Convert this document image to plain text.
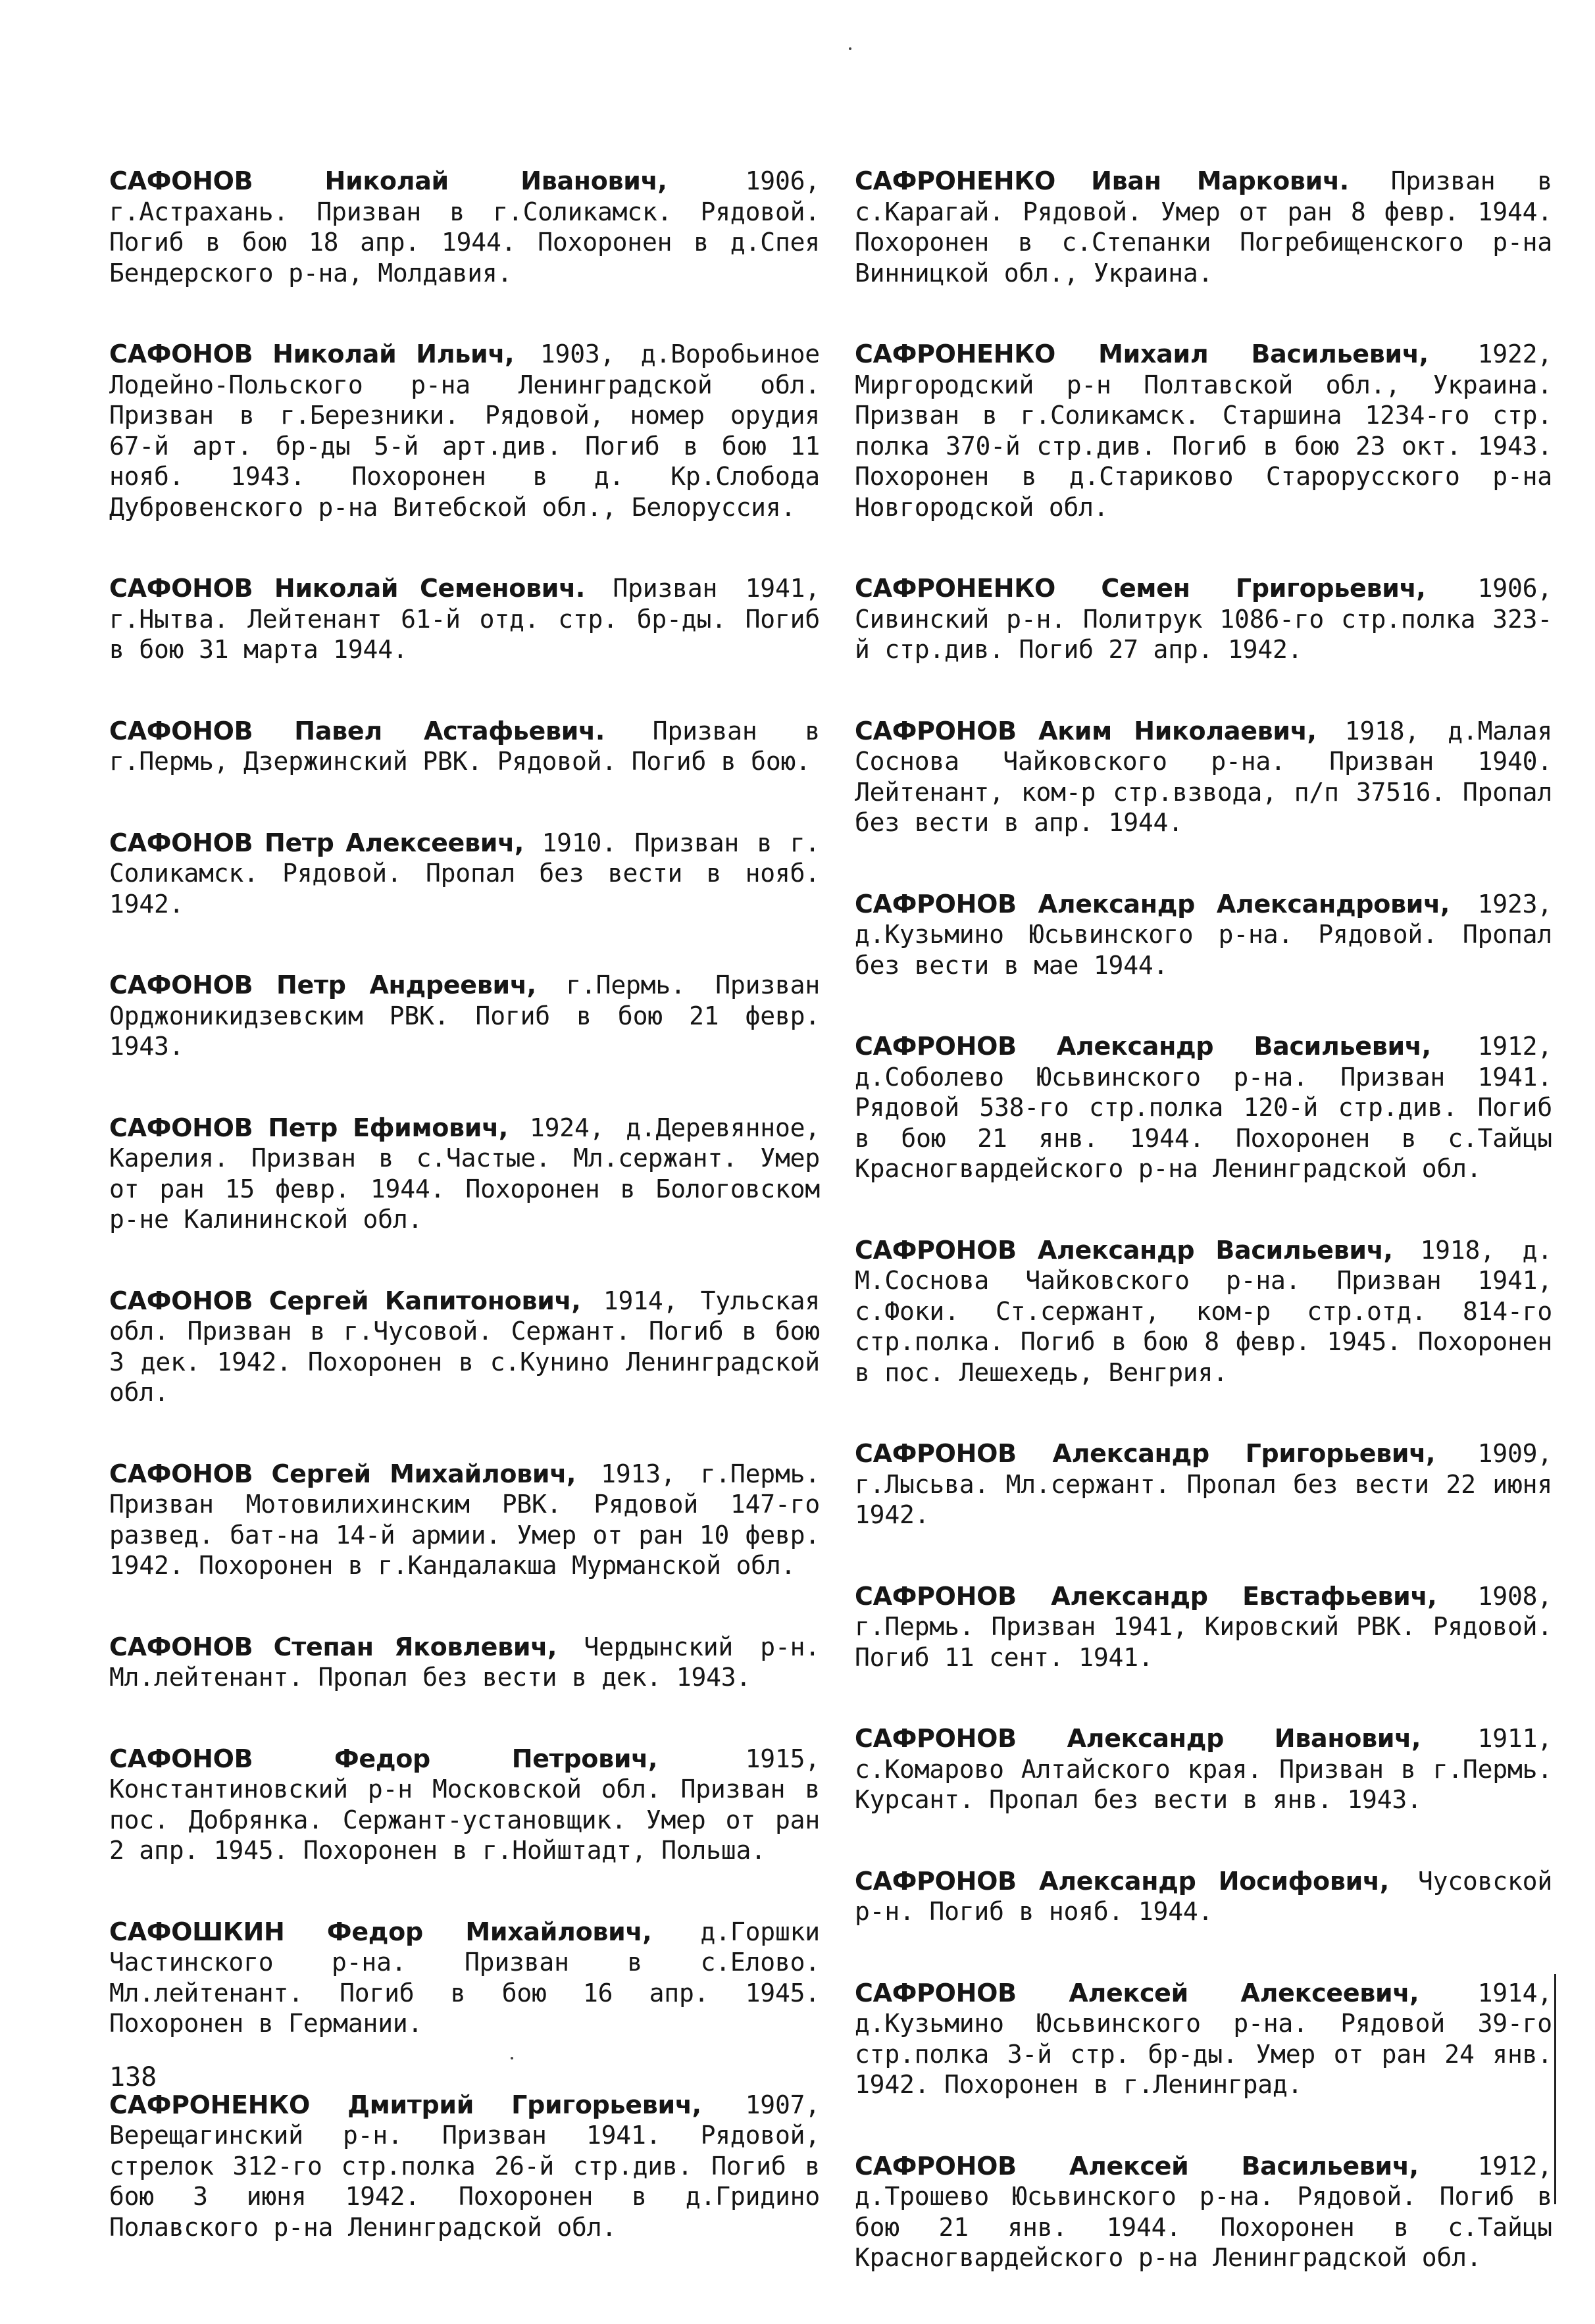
САФОНОВ Николай Иванович, 1906, г.Астрахань. Призван в г.Соликамск. Рядовой. Погиб в бою 18 апр. 1944. Похоронен в д.Спея Бендерского р-на, Молдавия.

САФОНОВ Николай Ильич, 1903, д.Воробьиное Лодейно-Польского р-на Ленинградской обл. Призван в г.Березники. Рядовой, номер орудия 67-й арт. бр-ды 5-й арт.див. Погиб в бою 11 нояб. 1943. Похоронен в д. Кр.Слобода Дубровенского р-на Витебской обл., Белоруссия.

САФОНОВ Николай Семенович. Призван 1941, г.Нытва. Лейтенант 61-й отд. стр. бр-ды. Погиб в бою 31 марта 1944.

САФОНОВ Павел Астафьевич. Призван в г.Пермь, Дзержинский РВК. Рядовой. Погиб в бою.

САФОНОВ Петр Алексеевич, 1910. Призван в г. Соликамск. Рядовой. Пропал без вести в нояб. 1942.

САФОНОВ Петр Андреевич, г.Пермь. Призван Орджоникидзевским РВК. Погиб в бою 21 февр. 1943.

САФОНОВ Петр Ефимович, 1924, д.Деревянное, Карелия. Призван в с.Частые. Мл.сержант. Умер от ран 15 февр. 1944. Похоронен в Бологовском р-не Калининской обл.

САФОНОВ Сергей Капитонович, 1914, Тульская обл. Призван в г.Чусовой. Сержант. Погиб в бою 3 дек. 1942. Похоронен в с.Кунино Ленинградской обл.

САФОНОВ Сергей Михайлович, 1913, г.Пермь. Призван Мотовилихинским РВК. Рядовой 147-го развед. бат-на 14-й армии. Умер от ран 10 февр. 1942. Похоронен в г.Кандалакша Мурманской обл.

САФОНОВ Степан Яковлевич, Чердынский р-н. Мл.лейтенант. Пропал без вести в дек. 1943.

САФОНОВ Федор Петрович, 1915, Константиновский р-н Московской обл. Призван в пос. Добрянка. Сержант-установщик. Умер от ран 2 апр. 1945. Похоронен в г.Нойштадт, Польша.

САФОШКИН Федор Михайлович, д.Горшки Частинского р-на. Призван в с.Елово. Мл.лейтенант. Погиб в бою 16 апр. 1945. Похоронен в Германии.

САФРОНЕНКО Дмитрий Григорьевич, 1907, Верещагинский р-н. Призван 1941. Рядовой, стрелок 312-го стр.полка 26-й стр.див. Погиб в бою 3 июня 1942. Похоронен в д.Гридино Полавского р-на Ленинградской обл.

САФРОНЕНКО Иван Маркович. Призван в с.Карагай. Рядовой. Умер от ран 8 февр. 1944. Похоронен в с.Степанки Погребищенского р-на Винницкой обл., Украина.

САФРОНЕНКО Михаил Васильевич, 1922, Миргородский р-н Полтавской обл., Украина. Призван в г.Соликамск. Старшина 1234-го стр. полка 370-й стр.див. Погиб в бою 23 окт. 1943. Похоронен в д.Стариково Старорусского р-на Новгородской обл.

САФРОНЕНКО Семен Григорьевич, 1906, Сивинский р-н. Политрук 1086-го стр.полка 323-й стр.див. Погиб 27 апр. 1942.

САФРОНОВ Аким Николаевич, 1918, д.Малая Соснова Чайковского р-на. Призван 1940. Лейтенант, ком-р стр.взвода, п/п 37516. Пропал без вести в апр. 1944.

САФРОНОВ Александр Александрович, 1923, д.Кузьмино Юсьвинского р-на. Рядовой. Пропал без вести в мае 1944.

САФРОНОВ Александр Васильевич, 1912, д.Соболево Юсьвинского р-на. Призван 1941. Рядовой 538-го стр.полка 120-й стр.див. Погиб в бою 21 янв. 1944. Похоронен в с.Тайцы Красногвардейского р-на Ленинградской обл.

САФРОНОВ Александр Васильевич, 1918, д. М.Соснова Чайковского р-на. Призван 1941, с.Фоки. Ст.сержант, ком-р стр.отд. 814-го стр.полка. Погиб в бою 8 февр. 1945. Похоронен в пос. Лешехедь, Венгрия.

САФРОНОВ Александр Григорьевич, 1909, г.Лысьва. Мл.сержант. Пропал без вести 22 июня 1942.

САФРОНОВ Александр Евстафьевич, 1908, г.Пермь. Призван 1941, Кировский РВК. Рядовой. Погиб 11 сент. 1941.

САФРОНОВ Александр Иванович, 1911, с.Комарово Алтайского края. Призван в г.Пермь. Курсант. Пропал без вести в янв. 1943.

САФРОНОВ Александр Иосифович, Чусовской р-н. Погиб в нояб. 1944.

САФРОНОВ Алексей Алексеевич, 1914, д.Кузьмино Юсьвинского р-на. Рядовой 39-го стр.полка 3-й стр. бр-ды. Умер от ран 24 янв. 1942. Похоронен в г.Ленинград.

САФРОНОВ Алексей Васильевич, 1912, д.Трошево Юсьвинского р-на. Рядовой. Погиб в бою 21 янв. 1944. Похоронен в с.Тайцы Красногвардейского р-на Ленинградской обл.

138
